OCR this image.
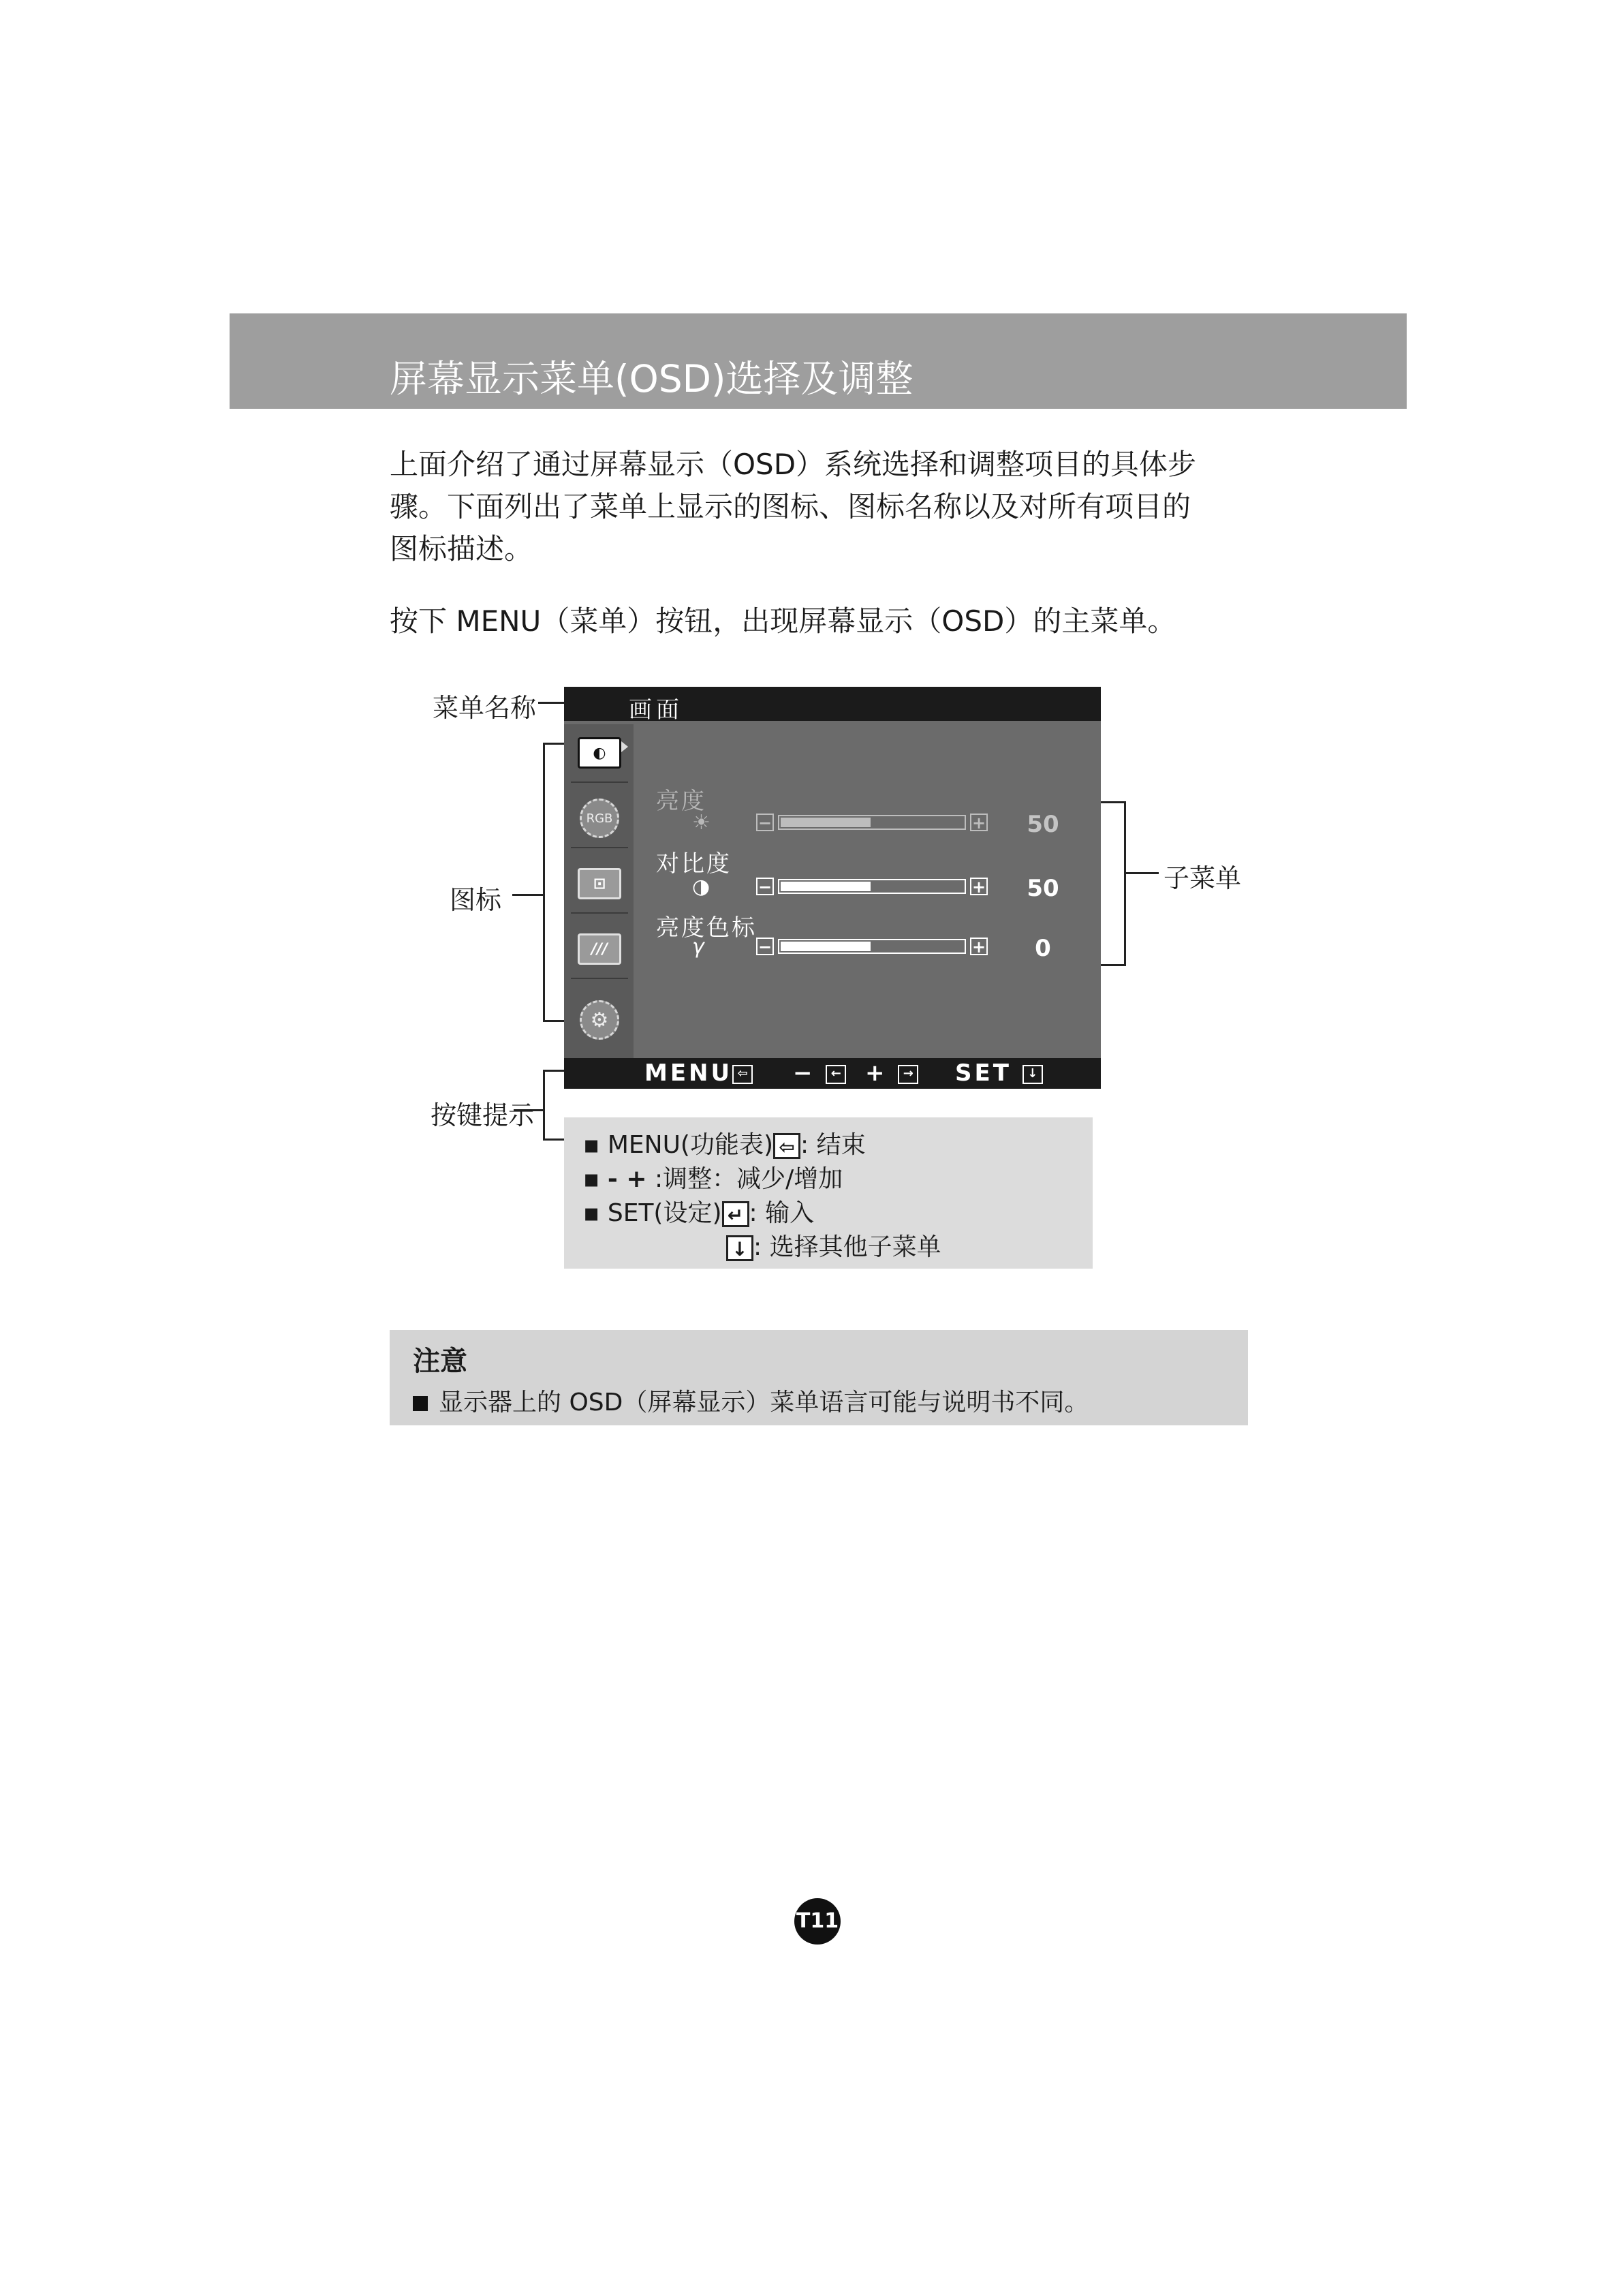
屏幕显示菜单(OSD)选择及调整
上面介绍了通过屏幕显示（OSD）系统选择和调整项目的具体步
骤。下面列出了菜单上显示的图标、图标名称以及对所有项目的
图标描述。
按下 MENU（菜单）按钮，出现屏幕显示（OSD）的主菜单。
菜单名称
图标
子菜单
按键提示
画面
◐
RGB
⊡
///
⚙
亮度
☀	−	+	50
对比度
◑	−	+	50
亮度色标
γ	−	+	0
MENU ⇦ − ← + → SET ↓
▪ MENU(功能表) ⇦ : 结束
▪ - + :调整：减少/增加
▪ SET(设定) ↵ : 输入
↓ : 选择其他子菜单
注意
显示器上的 OSD（屏幕显示）菜单语言可能与说明书不同。
T11
